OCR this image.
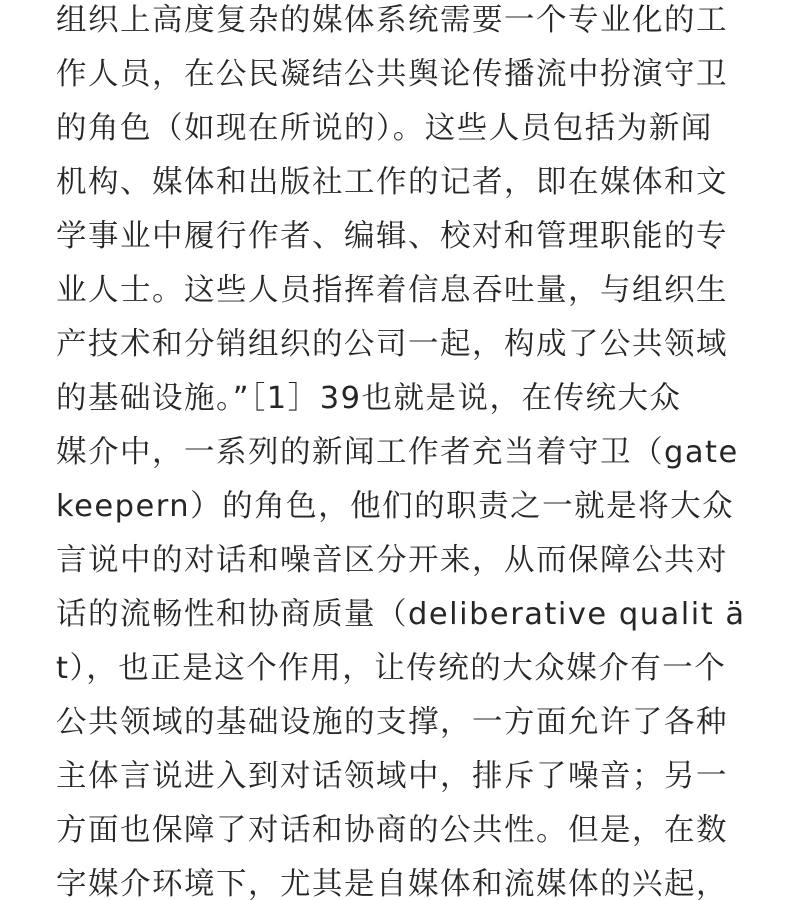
组织上高度复杂的媒体系统需要一个专业化的工
作人员，在公民凝结公共舆论传播流中扮演守卫
的角色（如现在所说的）。这些人员包括为新闻
机构、媒体和出版社工作的记者，即在媒体和文
学事业中履行作者、编辑、校对和管理职能的专
业人士。这些人员指挥着信息吞吐量，与组织生
产技术和分销组织的公司一起，构成了公共领域
的基础设施。”［1］39也就是说，在传统大众
媒介中，一系列的新闻工作者充当着守卫（gate
keepern）的角色，他们的职责之一就是将大众
言说中的对话和噪音区分开来，从而保障公共对
话的流畅性和协商质量（deliberative qualit ä
t），也正是这个作用，让传统的大众媒介有一个
公共领域的基础设施的支撑，一方面允许了各种
主体言说进入到对话领域中，排斥了噪音；另一
方面也保障了对话和协商的公共性。但是，在数
字媒介环境下，尤其是自媒体和流媒体的兴起，
